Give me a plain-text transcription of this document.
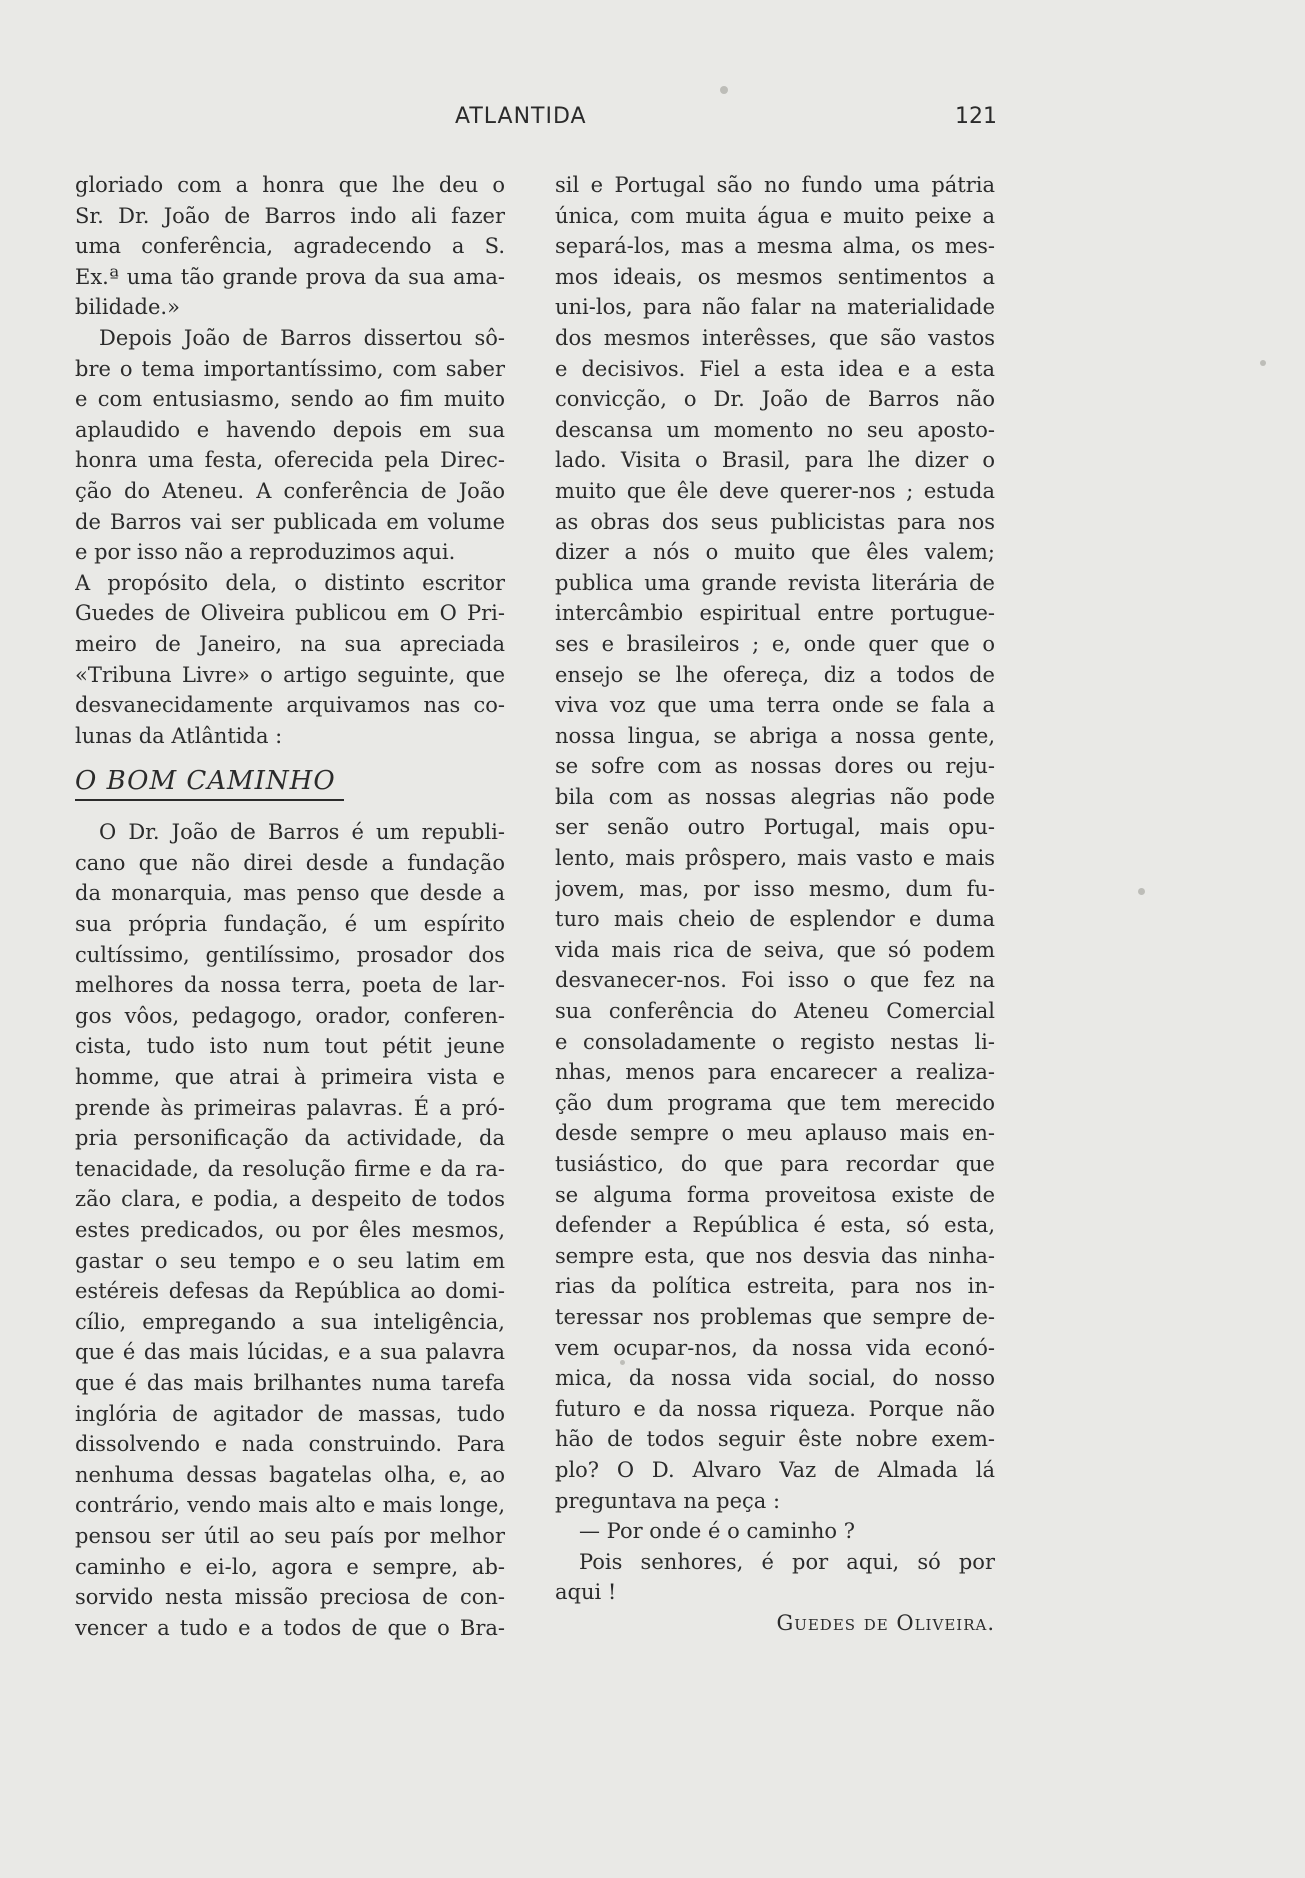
ATLANTIDA	121
gloriado com a honra que lhe deu o
Sr. Dr. João de Barros indo ali fazer
uma conferência, agradecendo a S.
Ex.ª uma tão grande prova da sua ama-
bilidade.»
Depois João de Barros dissertou sô-
bre o tema importantíssimo, com saber
e com entusiasmo, sendo ao fim muito
aplaudido e havendo depois em sua
honra uma festa, oferecida pela Direc-
ção do Ateneu. A conferência de João
de Barros vai ser publicada em volume
e por isso não a reproduzimos aqui.
A propósito dela, o distinto escritor
Guedes de Oliveira publicou em O Pri-
meiro de Janeiro, na sua apreciada
«Tribuna Livre» o artigo seguinte, que
desvanecidamente arquivamos nas co-
lunas da Atlântida :
O BOM CAMINHO
O Dr. João de Barros é um republi-
cano que não direi desde a fundação
da monarquia, mas penso que desde a
sua própria fundação, é um espírito
cultíssimo, gentilíssimo, prosador dos
melhores da nossa terra, poeta de lar-
gos vôos, pedagogo, orador, conferen-
cista, tudo isto num tout pétit jeune
homme, que atrai à primeira vista e
prende às primeiras palavras. É a pró-
pria personificação da actividade, da
tenacidade, da resolução firme e da ra-
zão clara, e podia, a despeito de todos
estes predicados, ou por êles mesmos,
gastar o seu tempo e o seu latim em
estéreis defesas da República ao domi-
cílio, empregando a sua inteligência,
que é das mais lúcidas, e a sua palavra
que é das mais brilhantes numa tarefa
inglória de agitador de massas, tudo
dissolvendo e nada construindo. Para
nenhuma dessas bagatelas olha, e, ao
contrário, vendo mais alto e mais longe,
pensou ser útil ao seu país por melhor
caminho e ei-lo, agora e sempre, ab-
sorvido nesta missão preciosa de con-
vencer a tudo e a todos de que o Bra-
sil e Portugal são no fundo uma pátria
única, com muita água e muito peixe a
separá-los, mas a mesma alma, os mes-
mos ideais, os mesmos sentimentos a
uni-los, para não falar na materialidade
dos mesmos interêsses, que são vastos
e decisivos. Fiel a esta idea e a esta
convicção, o Dr. João de Barros não
descansa um momento no seu aposto-
lado. Visita o Brasil, para lhe dizer o
muito que êle deve querer-nos ; estuda
as obras dos seus publicistas para nos
dizer a nós o muito que êles valem;
publica uma grande revista literária de
intercâmbio espiritual entre portugue-
ses e brasileiros ; e, onde quer que o
ensejo se lhe ofereça, diz a todos de
viva voz que uma terra onde se fala a
nossa lingua, se abriga a nossa gente,
se sofre com as nossas dores ou reju-
bila com as nossas alegrias não pode
ser senão outro Portugal, mais opu-
lento, mais prôspero, mais vasto e mais
jovem, mas, por isso mesmo, dum fu-
turo mais cheio de esplendor e duma
vida mais rica de seiva, que só podem
desvanecer-nos. Foi isso o que fez na
sua conferência do Ateneu Comercial
e consoladamente o registo nestas li-
nhas, menos para encarecer a realiza-
ção dum programa que tem merecido
desde sempre o meu aplauso mais en-
tusiástico, do que para recordar que
se alguma forma proveitosa existe de
defender a República é esta, só esta,
sempre esta, que nos desvia das ninha-
rias da política estreita, para nos in-
teressar nos problemas que sempre de-
vem ocupar-nos, da nossa vida econó-
mica, da nossa vida social, do nosso
futuro e da nossa riqueza. Porque não
hão de todos seguir êste nobre exem-
plo? O D. Alvaro Vaz de Almada lá
preguntava na peça :
— Por onde é o caminho ?
Pois senhores, é por aqui, só por
aqui !
Guedes de Oliveira.
